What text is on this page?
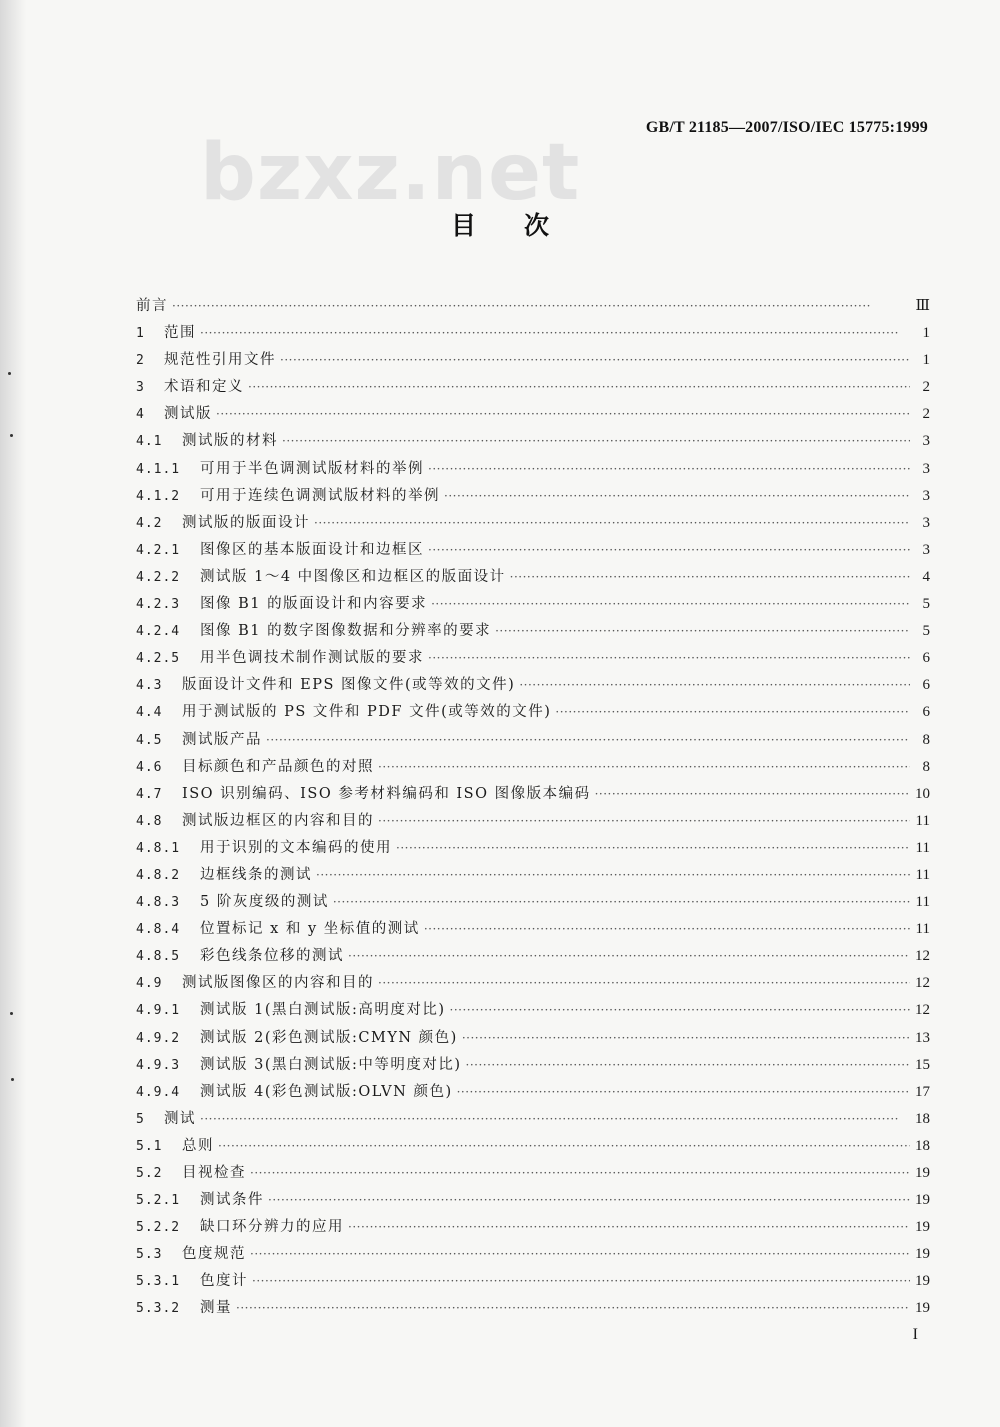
bzxz.net
GB/T 21185—2007/ISO/IEC 15775:1999
目次
前言 ·····	Ⅲ
1	范围 ·····	1
2	规范性引用文件 ·····	1
3	术语和定义 ·····	2
4	测试版 ·····	2
4.1	测试版的材料 ·····	3
4.1.1	可用于半色调测试版材料的举例 ·····	3
4.1.2	可用于连续色调测试版材料的举例 ·····	3
4.2	测试版的版面设计 ·····	3
4.2.1	图像区的基本版面设计和边框区 ·····	3
4.2.2	测试版 1～4 中图像区和边框区的版面设计 ·····	4
4.2.3	图像 B1 的版面设计和内容要求 ·····	5
4.2.4	图像 B1 的数字图像数据和分辨率的要求 ·····	5
4.2.5	用半色调技术制作测试版的要求 ·····	6
4.3	版面设计文件和 EPS 图像文件(或等效的文件) ·····	6
4.4	用于测试版的 PS 文件和 PDF 文件(或等效的文件) ·····	6
4.5	测试版产品 ·····	8
4.6	目标颜色和产品颜色的对照 ·····	8
4.7	ISO 识别编码、ISO 参考材料编码和 ISO 图像版本编码 ·····	10
4.8	测试版边框区的内容和目的 ·····	11
4.8.1	用于识别的文本编码的使用 ·····	11
4.8.2	边框线条的测试 ·····	11
4.8.3	5 阶灰度级的测试 ·····	11
4.8.4	位置标记 x 和 y 坐标值的测试 ·····	11
4.8.5	彩色线条位移的测试 ·····	12
4.9	测试版图像区的内容和目的 ·····	12
4.9.1	测试版 1(黑白测试版:高明度对比) ·····	12
4.9.2	测试版 2(彩色测试版:CMYN 颜色) ·····	13
4.9.3	测试版 3(黑白测试版:中等明度对比) ·····	15
4.9.4	测试版 4(彩色测试版:OLVN 颜色) ·····	17
5	测试 ·····	18
5.1	总则 ·····	18
5.2	目视检查 ·····	19
5.2.1	测试条件 ·····	19
5.2.2	缺口环分辨力的应用 ·····	19
5.3	色度规范 ·····	19
5.3.1	色度计 ·····	19
5.3.2	测量 ·····	19
I
